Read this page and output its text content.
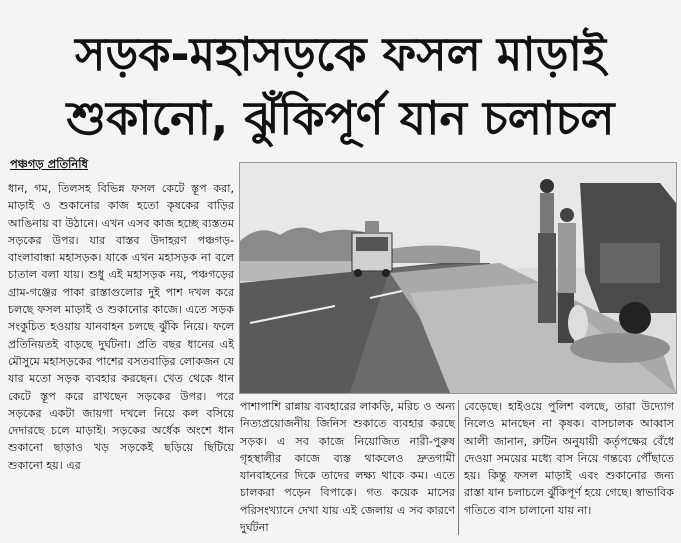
সড়ক-মহাসড়কে ফসল মাড়াই
শুকানো, ঝুঁকিপূর্ণ যান চলাচল
পঞ্চগড় প্রতিনিধি
ধান, গম, তিলসহ বিভিন্ন ফসল কেটে স্তূপ করা, মাড়াই ও শুকানোর কাজ হতো কৃষকের বাড়ির আঙিনায় বা উঠানে। এখন এসব কাজ হচ্ছে ব্যস্ততম সড়কের উপর। যার বাস্তব উদাহরণ পঞ্চগড়-বাংলাবান্ধা মহাসড়ক। যাকে এখন মহাসড়ক না বলে চাতাল বলা যায়। শুধু এই মহাসড়ক নয়, পঞ্চগড়ের গ্রাম-গঞ্জের পাকা রাস্তাগুলোর দুই পাশ দখল করে চলছে ফসল মাড়াই ও শুকানোর কাজে। এতে সড়ক সংকুচিত হওয়ায় যানবাহন চলছে ঝুঁকি নিয়ে। ফলে প্রতিনিয়তই বাড়ছে দুর্ঘটনা। প্রতি বছর ধানের এই মৌসুমে মহাসড়কের পাশের বসতবাড়ির লোকজন যে যার মতো সড়ক ব্যবহার করছেন। খেত থেকে ধান কেটে স্তূপ করে রাখছেন সড়কের উপর। পরে সড়কের একটা জায়গা দখলে নিয়ে কল বসিয়ে দেদারছে চলে মাড়াই। সড়কের অর্ধেক অংশে ধান শুকানো ছাড়াও খড় সড়কেই ছড়িয়ে ছিটিয়ে শুকানো হয়। এর
পাশাপাশি রান্নায় ব্যবহারের লাকড়ি, মরিচ ও অন্য নিত্যপ্রয়োজনীয় জিনিস শুকাতে ব্যবহার করছে সড়ক। এ সব কাজে নিয়োজিত নারী-পুরুষ গৃহস্থালীর কাজে ব্যস্ত থাকলেও দ্রুতগামী যানবাহনের দিকে তাদের লক্ষ্য থাকে কম। এতে চালকরা পড়েন বিপাকে। গত কয়েক মাসের পরিসংখ্যানে দেখা যায় এই জেলায় এ সব কারণে দুর্ঘটনা
বেড়েছে। হাইওয়ে পুলিশ বলছে, তারা উদ্যোগ নিলেও মানছেন না কৃষক। বাসচালক আব্বাস আলী জানান, রুটিন অনুযায়ী কর্তৃপক্ষের বেঁধে দেওয়া সময়ের মধ্যে বাস নিয়ে গন্তব্যে পৌঁছাতে হয়। কিন্তু ফসল মাড়াই এবং শুকানোর জন্য রাস্তা যান চলাচলে ঝুঁকিপূর্ণ হয়ে গেছে। স্বাভাবিক গতিতে বাস চালানো যায় না।
